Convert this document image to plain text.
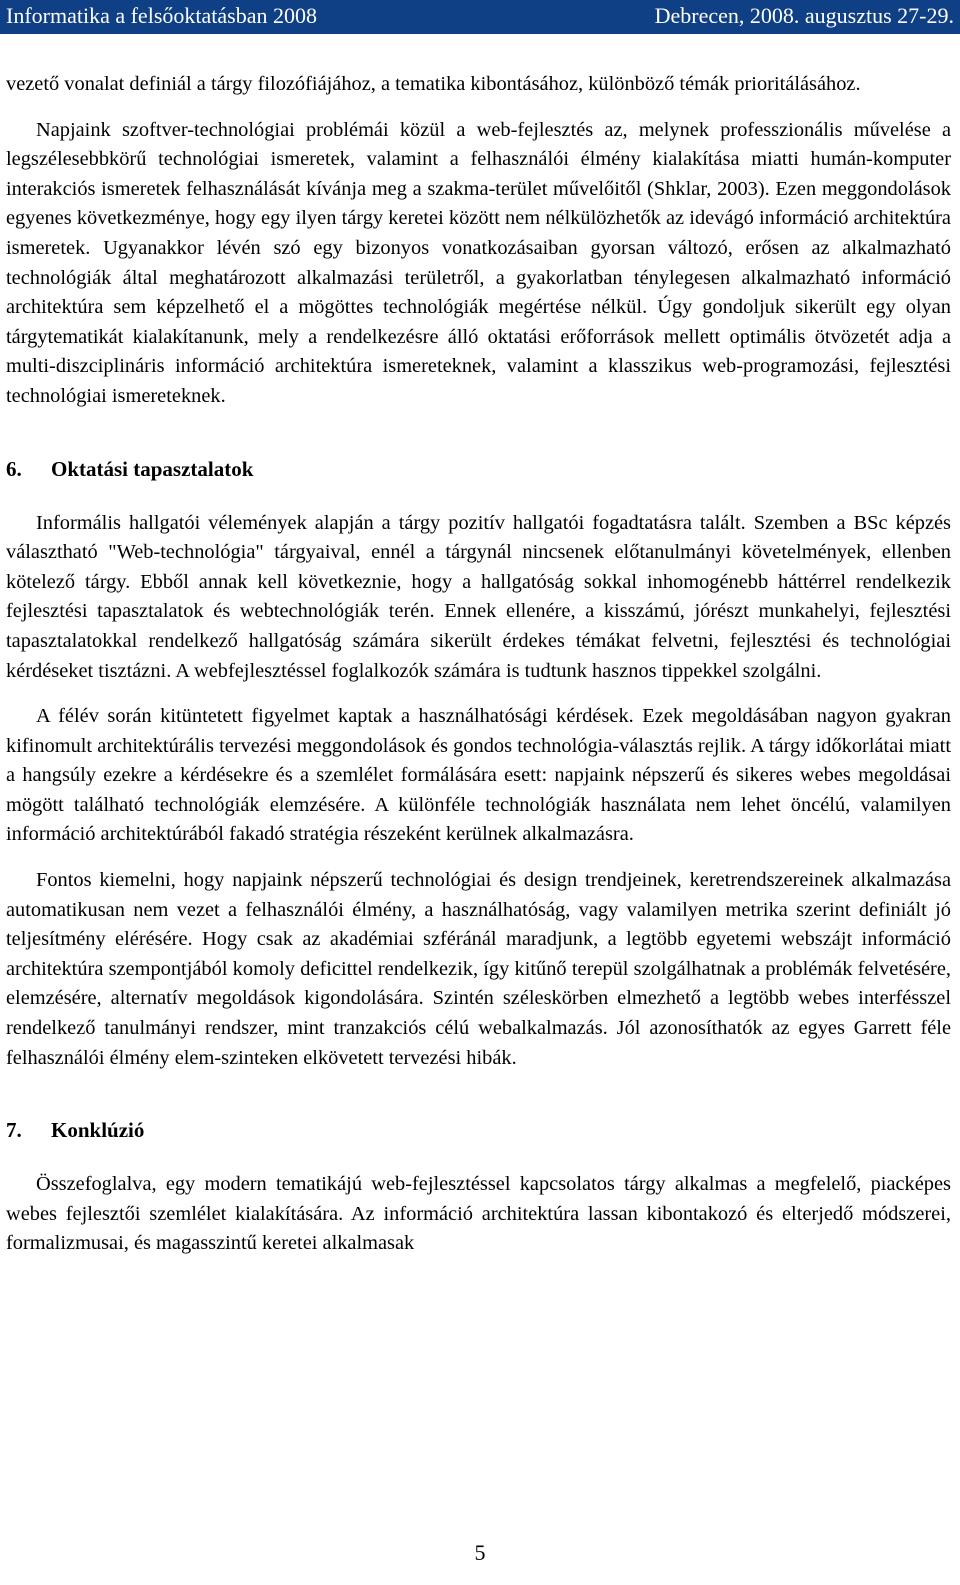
Informatika a felsőoktatásban 2008	Debrecen, 2008. augusztus 27-29.

vezető vonalat definiál a tárgy filozófiájához, a tematika kibontásához, különböző témák prioritálásához.

Napjaink szoftver-technológiai problémái közül a web-fejlesztés az, melynek professzionális művelése a legszélesebbkörű technológiai ismeretek, valamint a felhasználói élmény kialakítása miatti humán-komputer interakciós ismeretek felhasználását kívánja meg a szakma-terület művelőitől (Shklar, 2003). Ezen meggondolások egyenes következménye, hogy egy ilyen tárgy keretei között nem nélkülözhetők az idevágó információ architektúra ismeretek. Ugyanakkor lévén szó egy bizonyos vonatkozásaiban gyorsan változó, erősen az alkalmazható technológiák által meghatározott alkalmazási területről, a gyakorlatban ténylegesen alkalmazható információ architektúra sem képzelhető el a mögöttes technológiák megértése nélkül. Úgy gondoljuk sikerült egy olyan tárgytematikát kialakítanunk, mely a rendelkezésre álló oktatási erőforrások mellett optimális ötvözetét adja a multi-diszciplináris információ architektúra ismereteknek, valamint a klasszikus web-programozási, fejlesztési technológiai ismereteknek.

6. Oktatási tapasztalatok

Informális hallgatói vélemények alapján a tárgy pozitív hallgatói fogadtatásra talált. Szemben a BSc képzés választható "Web-technológia" tárgyaival, ennél a tárgynál nincsenek előtanulmányi követelmények, ellenben kötelező tárgy. Ebből annak kell következnie, hogy a hallgatóság sokkal inhomogénebb háttérrel rendelkezik fejlesztési tapasztalatok és webtechnológiák terén. Ennek ellenére, a kisszámú, jórészt munkahelyi, fejlesztési tapasztalatokkal rendelkező hallgatóság számára sikerült érdekes témákat felvetni, fejlesztési és technológiai kérdéseket tisztázni. A webfejlesztéssel foglalkozók számára is tudtunk hasznos tippekkel szolgálni.

A félév során kitüntetett figyelmet kaptak a használhatósági kérdések. Ezek megoldásában nagyon gyakran kifinomult architektúrális tervezési meggondolások és gondos technológia-választás rejlik. A tárgy időkorlátai miatt a hangsúly ezekre a kérdésekre és a szemlélet formálására esett: napjaink népszerű és sikeres webes megoldásai mögött található technológiák elemzésére. A különféle technológiák használata nem lehet öncélú, valamilyen információ architektúrából fakadó stratégia részeként kerülnek alkalmazásra.

Fontos kiemelni, hogy napjaink népszerű technológiai és design trendjeinek, keretrendszereinek alkalmazása automatikusan nem vezet a felhasználói élmény, a használhatóság, vagy valamilyen metrika szerint definiált jó teljesítmény elérésére. Hogy csak az akadémiai szféránál maradjunk, a legtöbb egyetemi webszájt információ architektúra szempontjából komoly deficittel rendelkezik, így kitűnő terepül szolgálhatnak a problémák felvetésére, elemzésére, alternatív megoldások kigondolására. Szintén széleskörben elmezhető a legtöbb webes interfésszel rendelkező tanulmányi rendszer, mint tranzakciós célú webalkalmazás. Jól azonosíthatók az egyes Garrett féle felhasználói élmény elem-szinteken elkövetett tervezési hibák.

7. Konklúzió

Összefoglalva, egy modern tematikájú web-fejlesztéssel kapcsolatos tárgy alkalmas a megfelelő, piacképes webes fejlesztői szemlélet kialakítására. Az információ architektúra lassan kibontakozó és elterjedő módszerei, formalizmusai, és magasszintű keretei alkalmasak

5
